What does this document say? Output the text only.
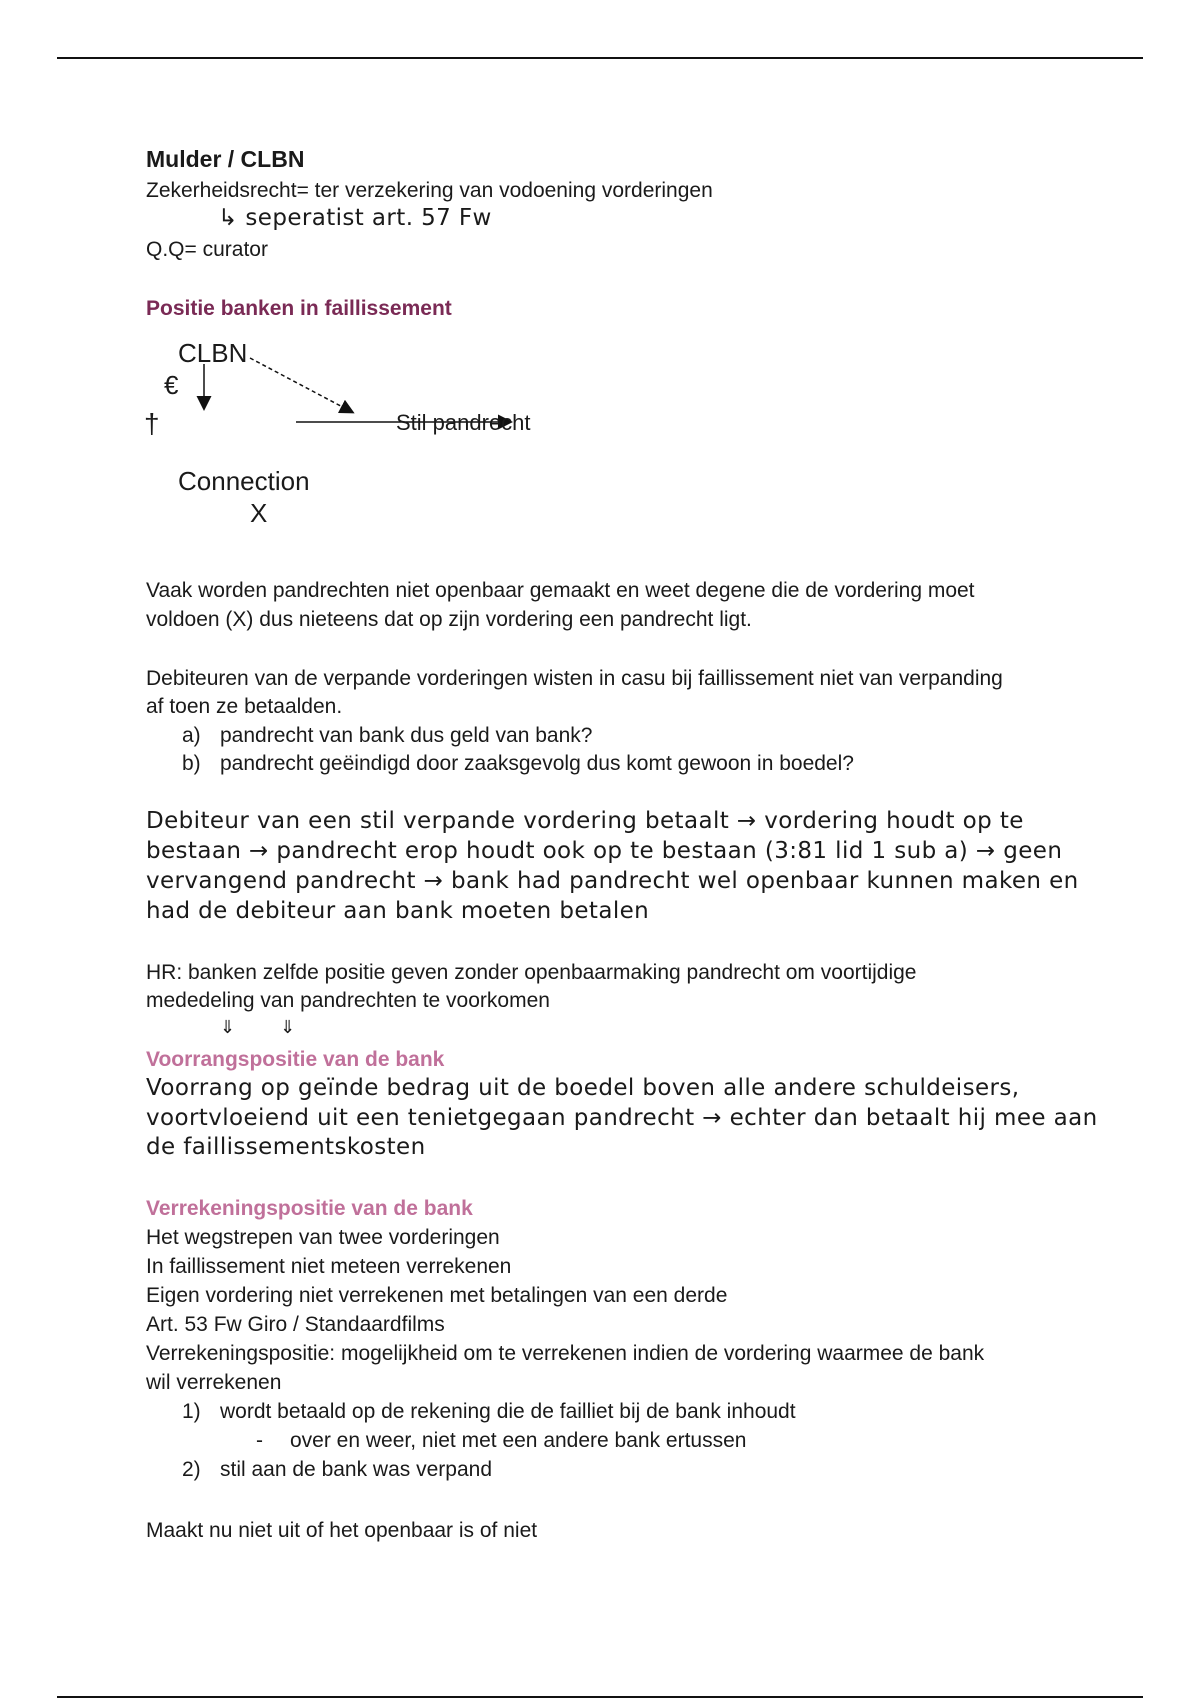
Mulder / CLBN
Zekerheidsrecht= ter verzekering van vodoening vorderingen
↳ seperatist art. 57 Fw
Q.Q= curator
Positie banken in faillissement
CLBN
€
†	Stil pandrecht
Connection
X
Vaak worden pandrechten niet openbaar gemaakt en weet degene die de vordering moet
voldoen (X) dus nieteens dat op zijn vordering een pandrecht ligt.
Debiteuren van de verpande vorderingen wisten in casu bij faillissement niet van verpanding
af toen ze betaalden.
a) pandrecht van bank dus geld van bank?
b) pandrecht geëindigd door zaaksgevolg dus komt gewoon in boedel?
Debiteur van een stil verpande vordering betaalt → vordering houdt op te
bestaan → pandrecht erop houdt ook op te bestaan (3:81 lid 1 sub a) → geen
vervangend pandrecht → bank had pandrecht wel openbaar kunnen maken en
had de debiteur aan bank moeten betalen
HR: banken zelfde positie geven zonder openbaarmaking pandrecht om voortijdige
mededeling van pandrechten te voorkomen
⇓         ⇓
Voorrangspositie van de bank
Voorrang op geïnde bedrag uit de boedel boven alle andere schuldeisers,
voortvloeiend uit een tenietgegaan pandrecht → echter dan betaalt hij mee aan
de faillissementskosten
Verrekeningspositie van de bank
Het wegstrepen van twee vorderingen
In faillissement niet meteen verrekenen
Eigen vordering niet verrekenen met betalingen van een derde
Art. 53 Fw Giro / Standaardfilms
Verrekeningspositie: mogelijkheid om te verrekenen indien de vordering waarmee de bank
wil verrekenen
1) wordt betaald op de rekening die de failliet bij de bank inhoudt
- over en weer, niet met een andere bank ertussen
2) stil aan de bank was verpand
Maakt nu niet uit of het openbaar is of niet
